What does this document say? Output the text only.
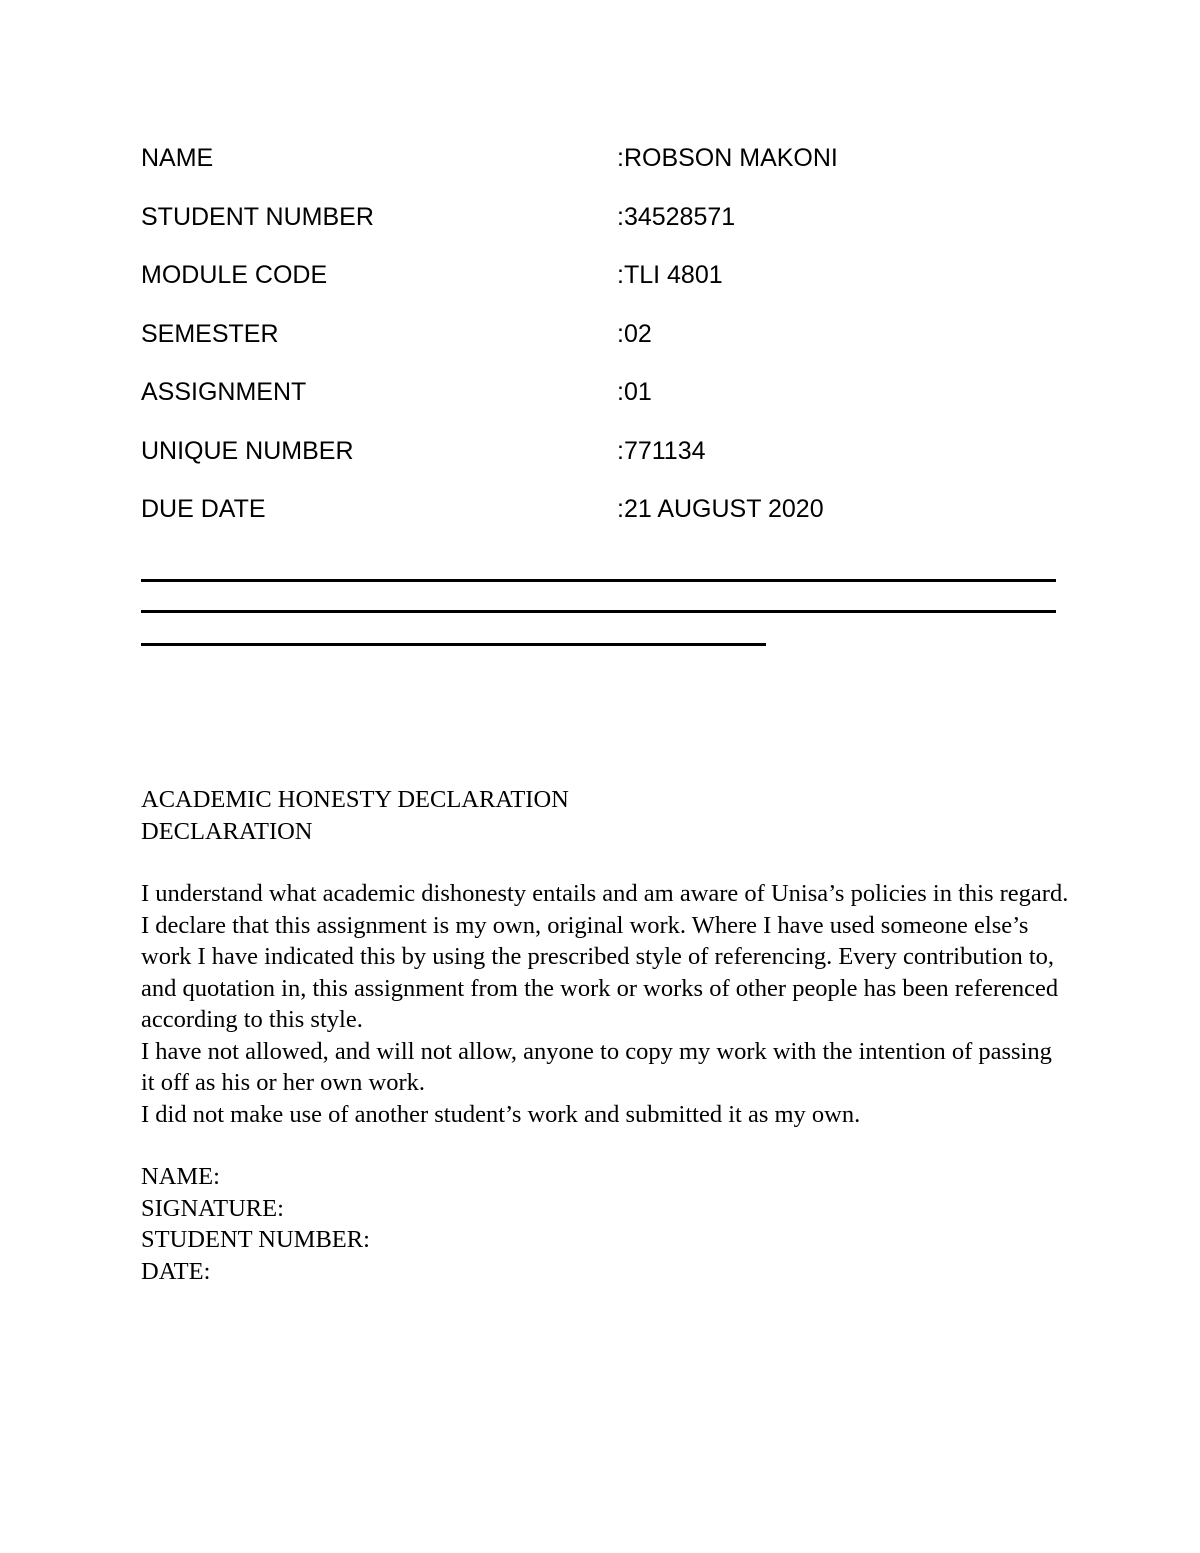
NAME	:ROBSON MAKONI
STUDENT NUMBER	:34528571
MODULE CODE	:TLI 4801
SEMESTER	:02
ASSIGNMENT	:01
UNIQUE NUMBER	:771134
DUE DATE	:21 AUGUST 2020
ACADEMIC HONESTY DECLARATION
DECLARATION

I understand what academic dishonesty entails and am aware of Unisa’s policies in this regard.

I declare that this assignment is my own, original work. Where I have used someone else’s work I have indicated this by using the prescribed style of referencing. Every contribution to, and quotation in, this assignment from the work or works of other people has been referenced according to this style.

I have not allowed, and will not allow, anyone to copy my work with the intention of passing it off as his or her own work.

I did not make use of another student’s work and submitted it as my own.

NAME:

SIGNATURE:

STUDENT NUMBER:

DATE:
